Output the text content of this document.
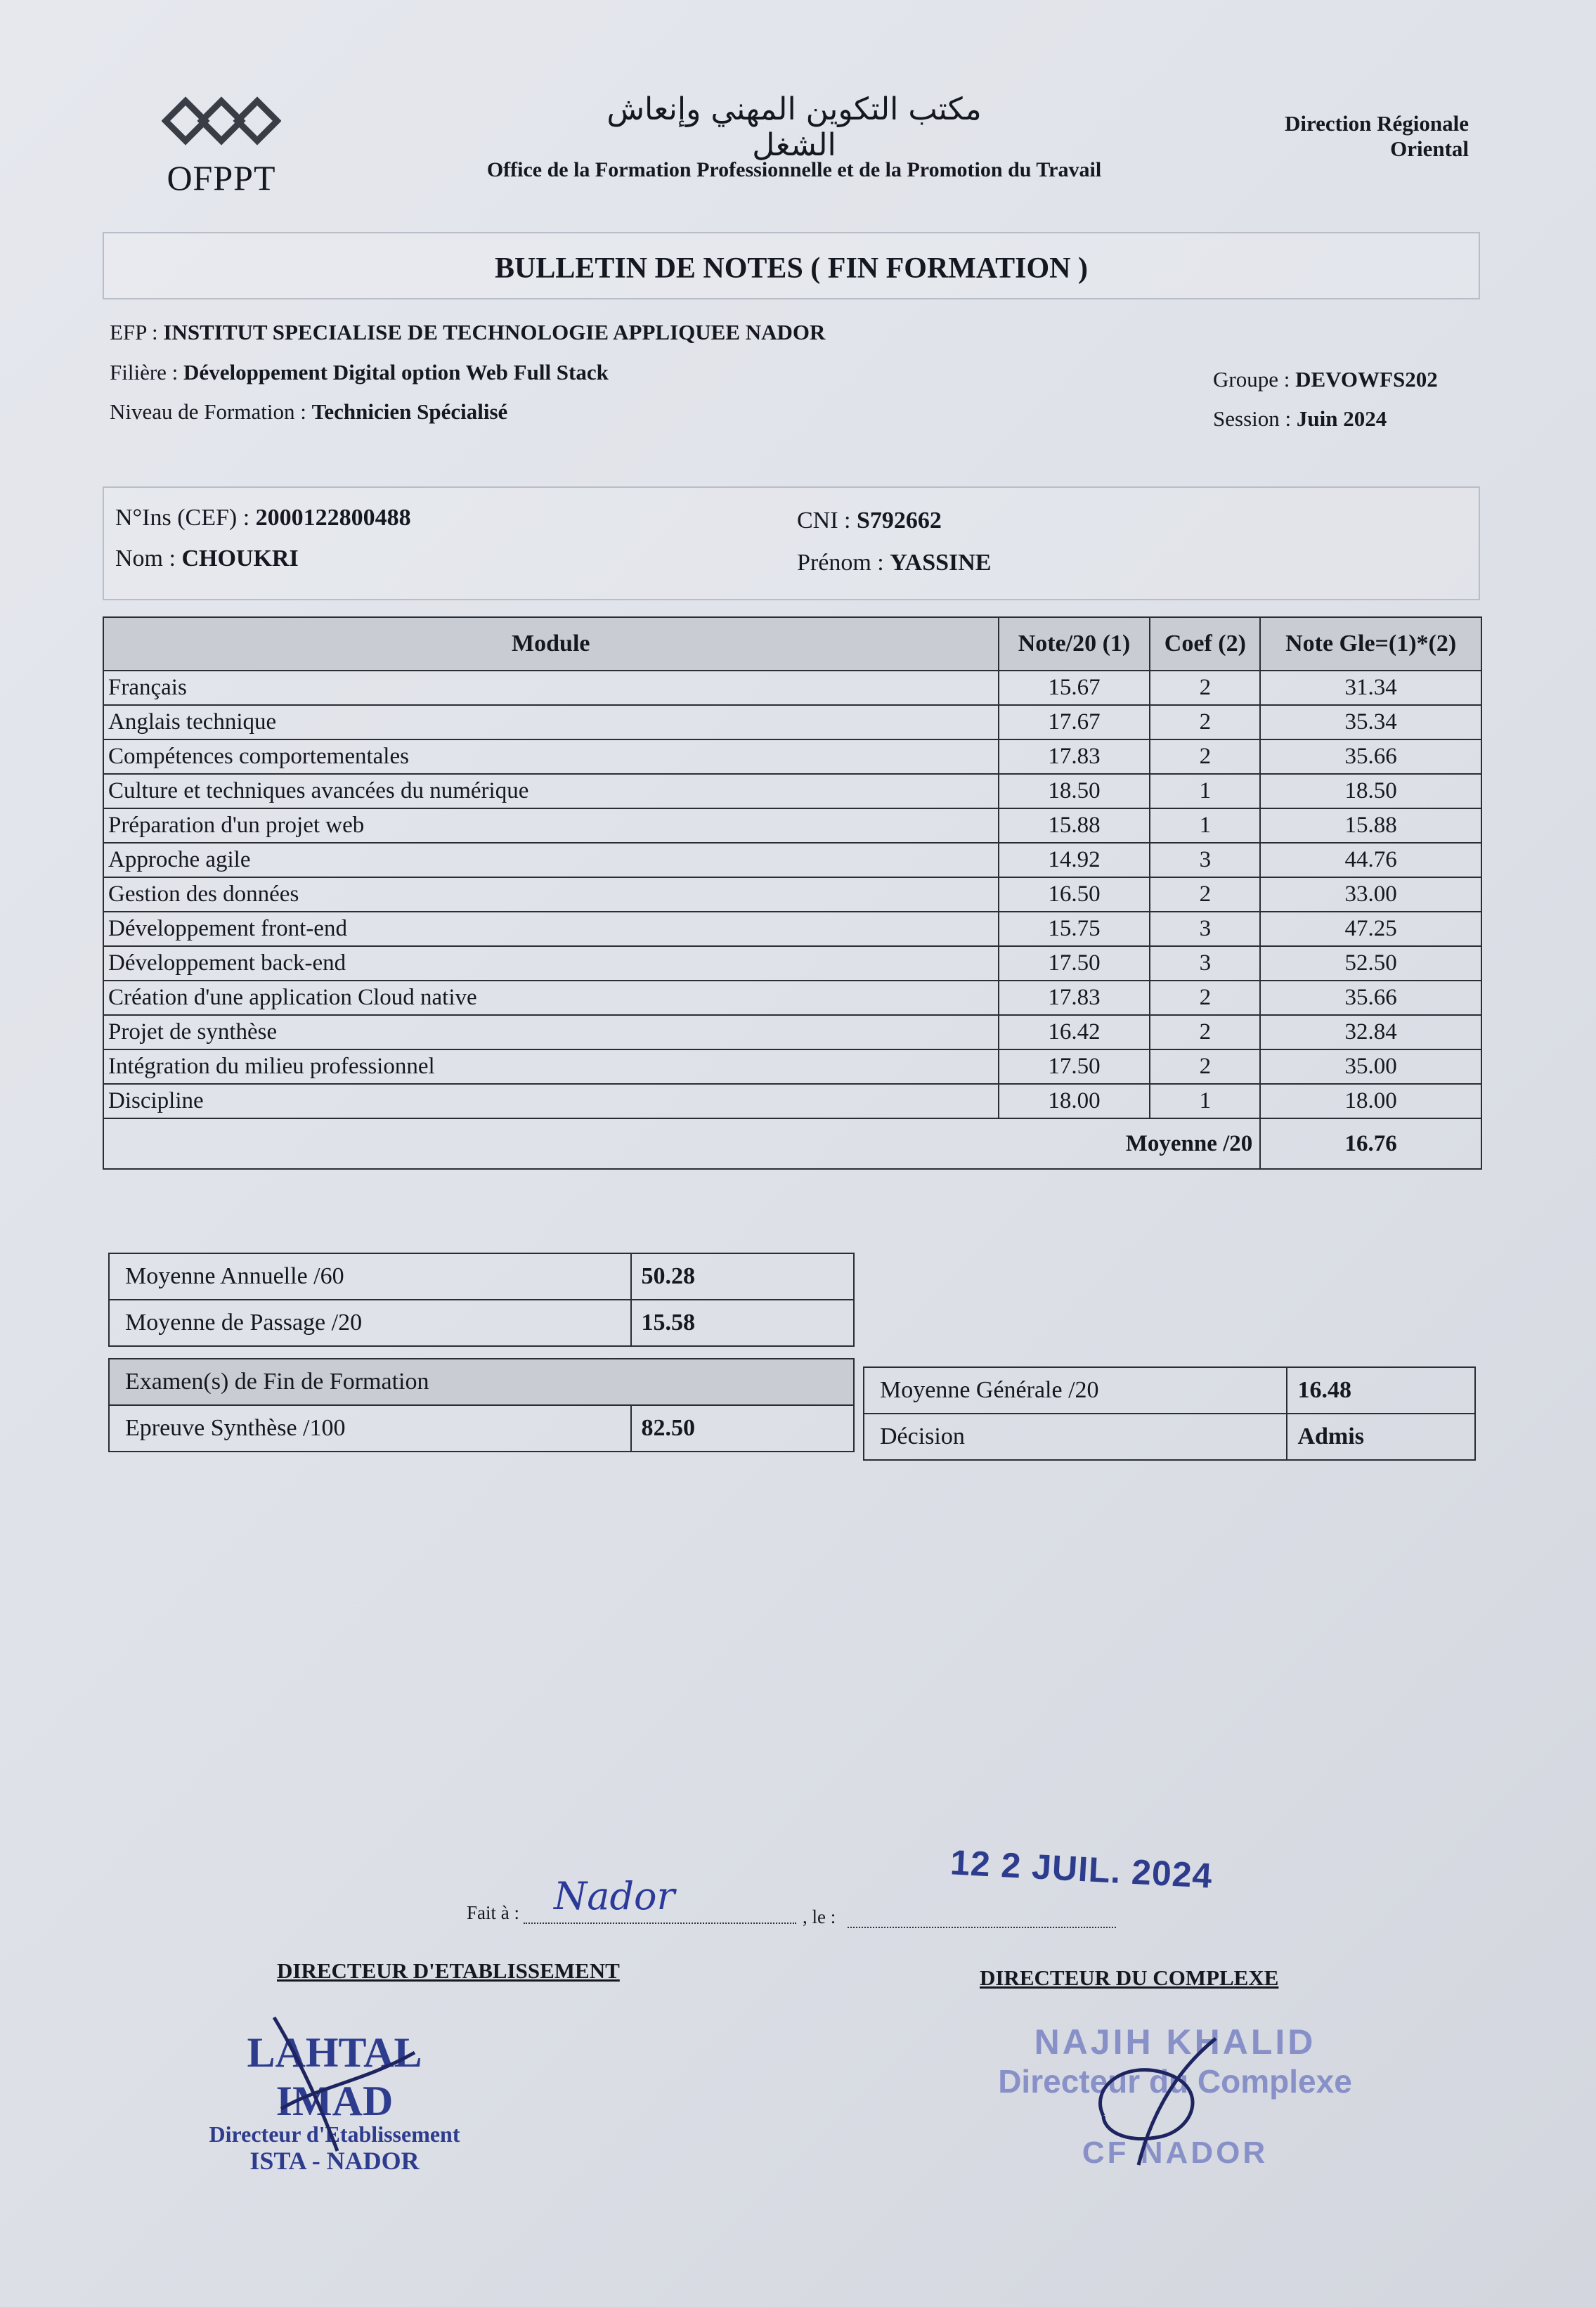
OFPPT
مكتب التكوين المهني وإنعاش الشغل
Office de la Formation Professionnelle et de la Promotion du Travail
Direction Régionale
Oriental
BULLETIN DE NOTES ( FIN FORMATION )
EFP : INSTITUT SPECIALISE DE TECHNOLOGIE APPLIQUEE NADOR
Filière : Développement Digital option Web Full Stack
Niveau de Formation : Technicien Spécialisé
Groupe : DEVOWFS202
Session : Juin 2024
N°Ins (CEF) : 2000122800488	CNI : S792662
Nom : CHOUKRI	Prénom : YASSINE
Module	Note/20 (1)	Coef (2)	Note Gle=(1)*(2)
Français	15.67	2	31.34
Anglais technique	17.67	2	35.34
Compétences comportementales	17.83	2	35.66
Culture et techniques avancées du numérique	18.50	1	18.50
Préparation d'un projet web	15.88	1	15.88
Approche agile	14.92	3	44.76
Gestion des données	16.50	2	33.00
Développement front-end	15.75	3	47.25
Développement back-end	17.50	3	52.50
Création d'une application Cloud native	17.83	2	35.66
Projet de synthèse	16.42	2	32.84
Intégration du milieu professionnel	17.50	2	35.00
Discipline	18.00	1	18.00
Moyenne /20			16.76
Moyenne Annuelle /60	50.28
Moyenne de Passage /20	15.58
Examen(s) de Fin de Formation
Epreuve Synthèse /100	82.50
Moyenne Générale /20	16.48
Décision	Admis
Fait à : Nador	, le :
12 2 JUIL. 2024
DIRECTEUR D'ETABLISSEMENT	DIRECTEUR DU COMPLEXE
LAHTAL IMAD
Directeur d'Etablissement
ISTA - NADOR
NAJIH KHALID
Directeur du Complexe
CF NADOR
